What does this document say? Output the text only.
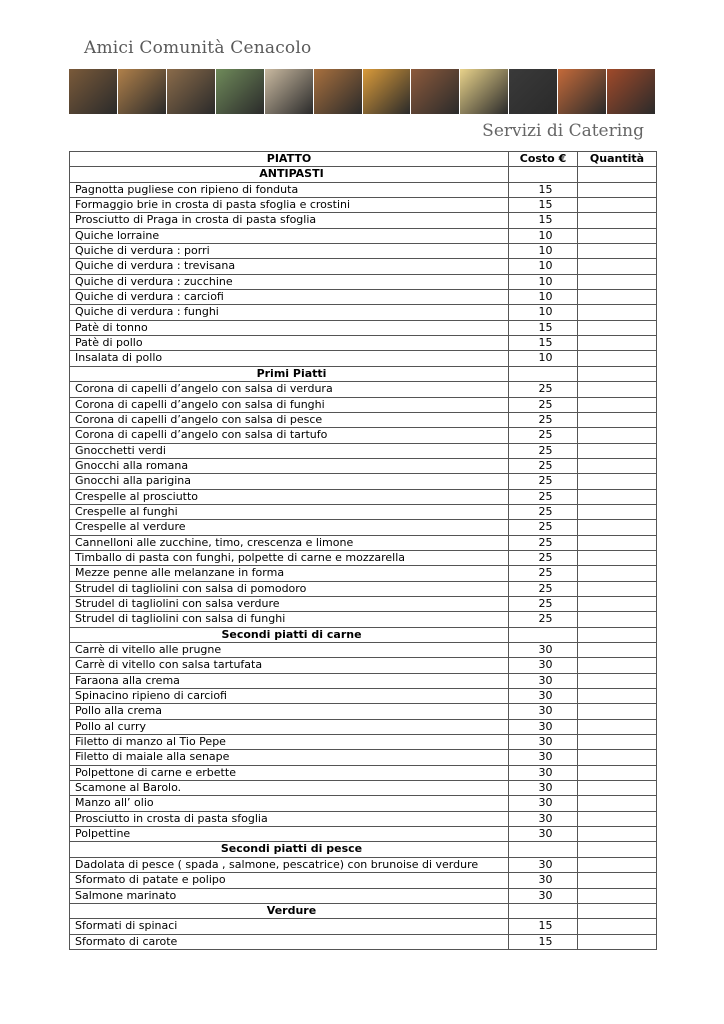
Amici Comunità Cenacolo
Servizi di Catering
PIATTO	Costo €	Quantità
ANTIPASTI		
Pagnotta pugliese con ripieno di fonduta	15	
Formaggio brie in crosta di pasta sfoglia e crostini	15	
Prosciutto di Praga in crosta di pasta sfoglia	15	
Quiche lorraine	10	
Quiche di verdura : porri	10	
Quiche di verdura : trevisana	10	
Quiche di verdura : zucchine	10	
Quiche di verdura : carciofi	10	
Quiche di verdura : funghi	10	
Patè di tonno	15	
Patè di pollo	15	
Insalata di pollo	10	
Primi Piatti		
Corona di capelli d’angelo con salsa di verdura	25	
Corona di capelli d’angelo con salsa di funghi	25	
Corona di capelli d’angelo con salsa di pesce	25	
Corona di capelli d’angelo con salsa di tartufo	25	
Gnocchetti verdi	25	
Gnocchi alla romana	25	
Gnocchi alla parigina	25	
Crespelle al prosciutto	25	
Crespelle al funghi	25	
Crespelle al verdure	25	
Cannelloni alle zucchine, timo, crescenza e limone	25	
Timballo di pasta con funghi, polpette di carne e mozzarella	25	
Mezze penne alle melanzane in forma	25	
Strudel di tagliolini con salsa di pomodoro	25	
Strudel di tagliolini con salsa verdure	25	
Strudel di tagliolini con salsa di funghi	25	
Secondi piatti di carne		
Carrè di vitello alle prugne	30	
Carrè di vitello con salsa tartufata	30	
Faraona alla crema	30	
Spinacino ripieno di carciofi	30	
Pollo alla crema	30	
Pollo al curry	30	
Filetto di manzo al Tio Pepe	30	
Filetto di maiale alla senape	30	
Polpettone di carne e erbette	30	
Scamone al Barolo.	30	
Manzo all’ olio	30	
Prosciutto in crosta di pasta sfoglia	30	
Polpettine	30	
Secondi piatti di pesce		
Dadolata di pesce ( spada , salmone, pescatrice) con brunoise di verdure	30	
Sformato di patate e polipo	30	
Salmone marinato	30	
Verdure		
Sformati di spinaci	15	
Sformato di carote	15	
